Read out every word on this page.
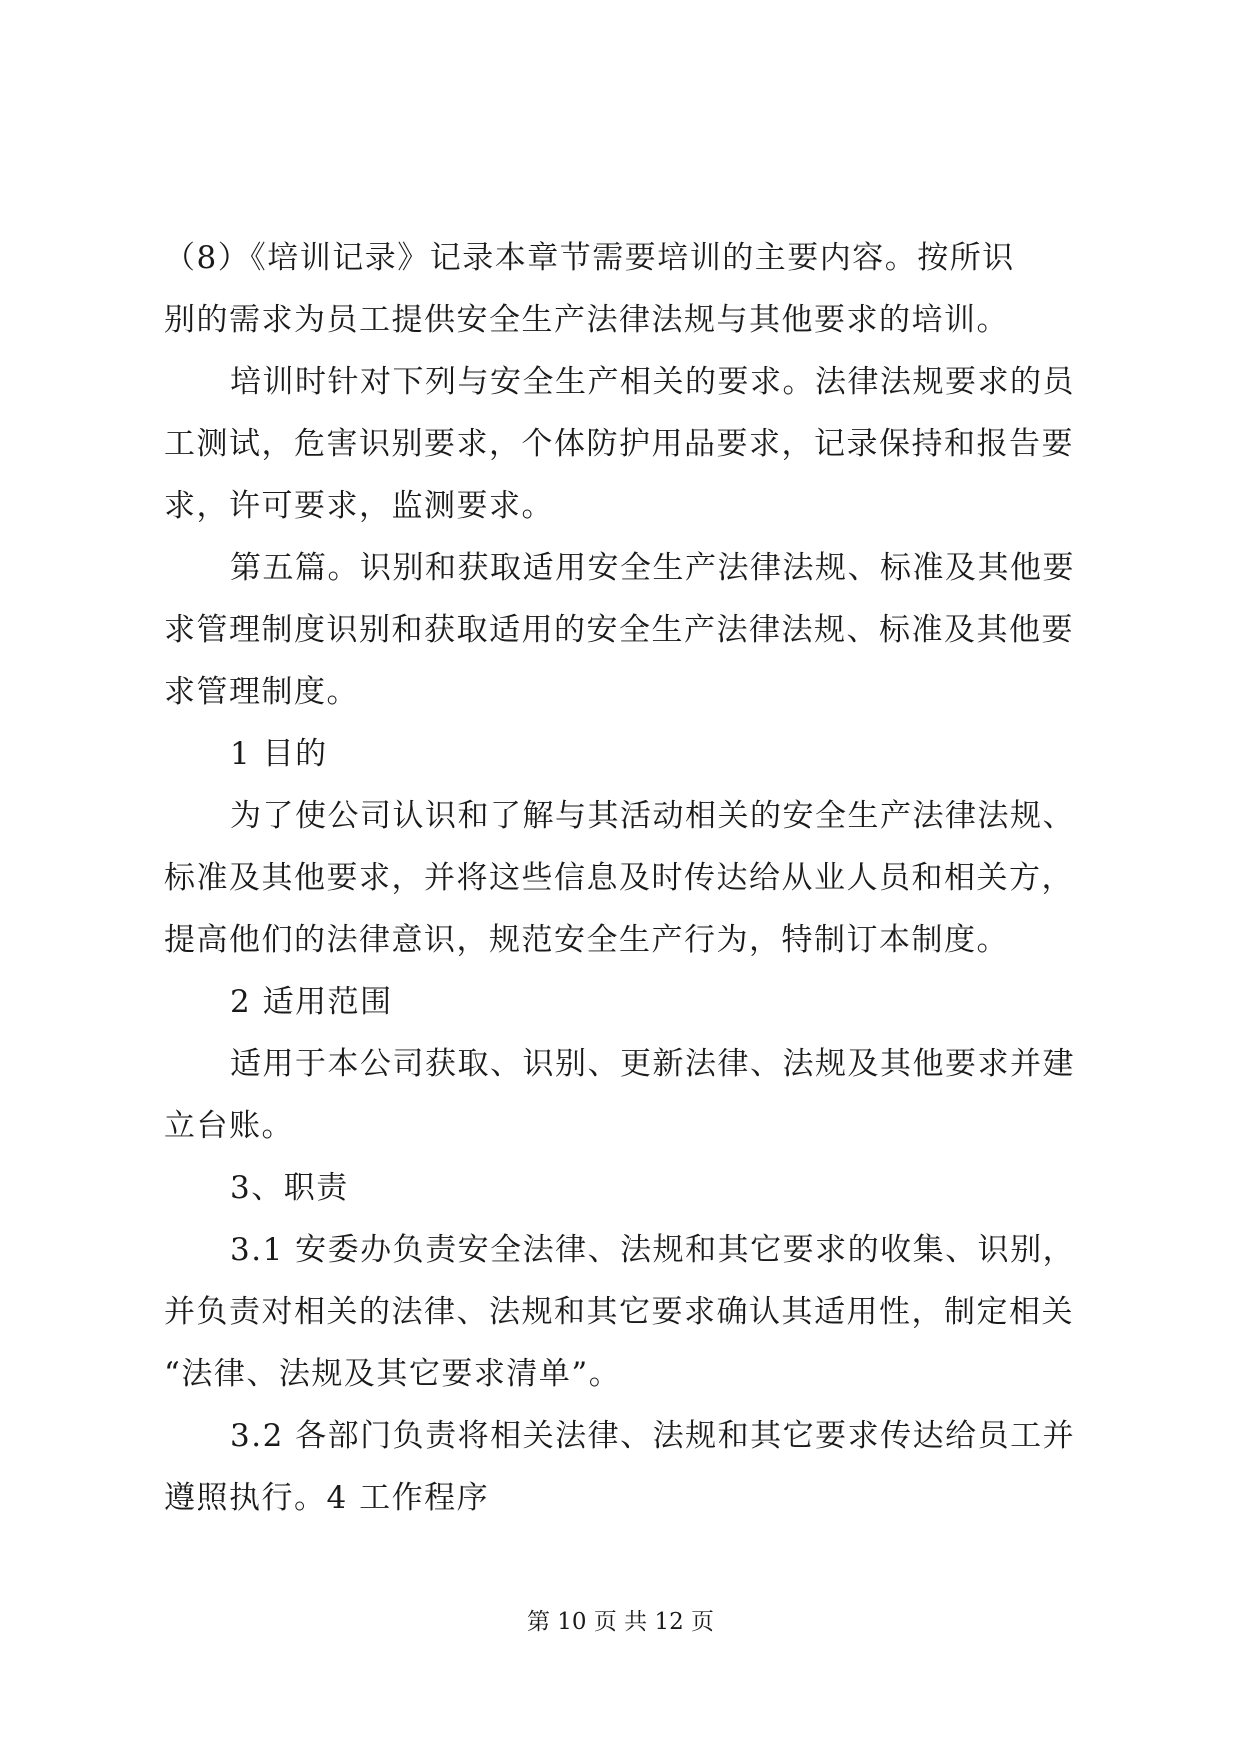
（8）《培训记录》记录本章节需要培训的主要内容。按所识
别的需求为员工提供安全生产法律法规与其他要求的培训。
培训时针对下列与安全生产相关的要求。法律法规要求的员
工测试，危害识别要求，个体防护用品要求，记录保持和报告要
求，许可要求，监测要求。
第五篇。识别和获取适用安全生产法律法规、标准及其他要
求管理制度识别和获取适用的安全生产法律法规、标准及其他要
求管理制度。
1 目的
为了使公司认识和了解与其活动相关的安全生产法律法规、
标准及其他要求，并将这些信息及时传达给从业人员和相关方，
提高他们的法律意识，规范安全生产行为，特制订本制度。
2 适用范围
适用于本公司获取、识别、更新法律、法规及其他要求并建
立台账。
3、职责
3.1 安委办负责安全法律、法规和其它要求的收集、识别，
并负责对相关的法律、法规和其它要求确认其适用性，制定相关
“法律、法规及其它要求清单”。
3.2 各部门负责将相关法律、法规和其它要求传达给员工并
遵照执行。4 工作程序
第 10 页 共 12 页
